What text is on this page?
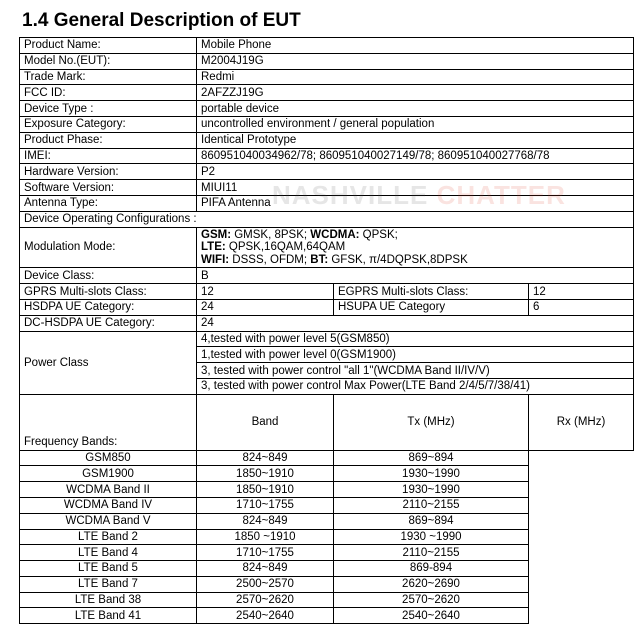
1.4 General Description of EUT
Product Name:	Mobile Phone		
Model No.(EUT):	M2004J19G		
Trade Mark:	Redmi		
FCC ID:	2AFZZJ19G		
Device Type :	portable device		
Exposure Category:	uncontrolled environment / general population		
Product Phase:	Identical Prototype		
IMEI:	860951040034962/78; 860951040027149/78; 860951040027768/78		
Hardware Version:	P2		
Software Version:	MIUI11		
Antenna Type:	PIFA Antenna		
Device Operating Configurations :			
Modulation Mode:	GSM: GMSK, 8PSK; WCDMA: QPSK;
LTE: QPSK,16QAM,64QAM
WIFI: DSSS, OFDM; BT: GFSK, π/4DQPSK,8DPSK		
Device Class:	B		
GPRS Multi-slots Class:	12	EGPRS Multi-slots Class:	12
HSDPA UE Category:	24	HSUPA UE Category	6
DC-HSDPA UE Category:	24		
Power Class	4,tested with power level 5(GSM850)		
	1,tested with power level 0(GSM1900)		
	3, tested with power control "all 1"(WCDMA Band II/IV/V)		
	3, tested with power control Max Power(LTE Band 2/4/5/7/38/41)		
Frequency Bands:	Band	Tx (MHz)	Rx (MHz)
GSM850	824~849	869~894	
GSM1900	1850~1910	1930~1990	
WCDMA Band II	1850~1910	1930~1990	
WCDMA Band IV	1710~1755	2110~2155	
WCDMA Band V	824~849	869~894	
LTE Band 2	1850 ~1910	1930 ~1990	
LTE Band 4	1710~1755	2110~2155	
LTE Band 5	824~849	869-894	
LTE Band 7	2500~2570	2620~2690	
LTE Band 38	2570~2620	2570~2620	
LTE Band 41	2540~2640	2540~2640	
NASHVILLE CHATTER
